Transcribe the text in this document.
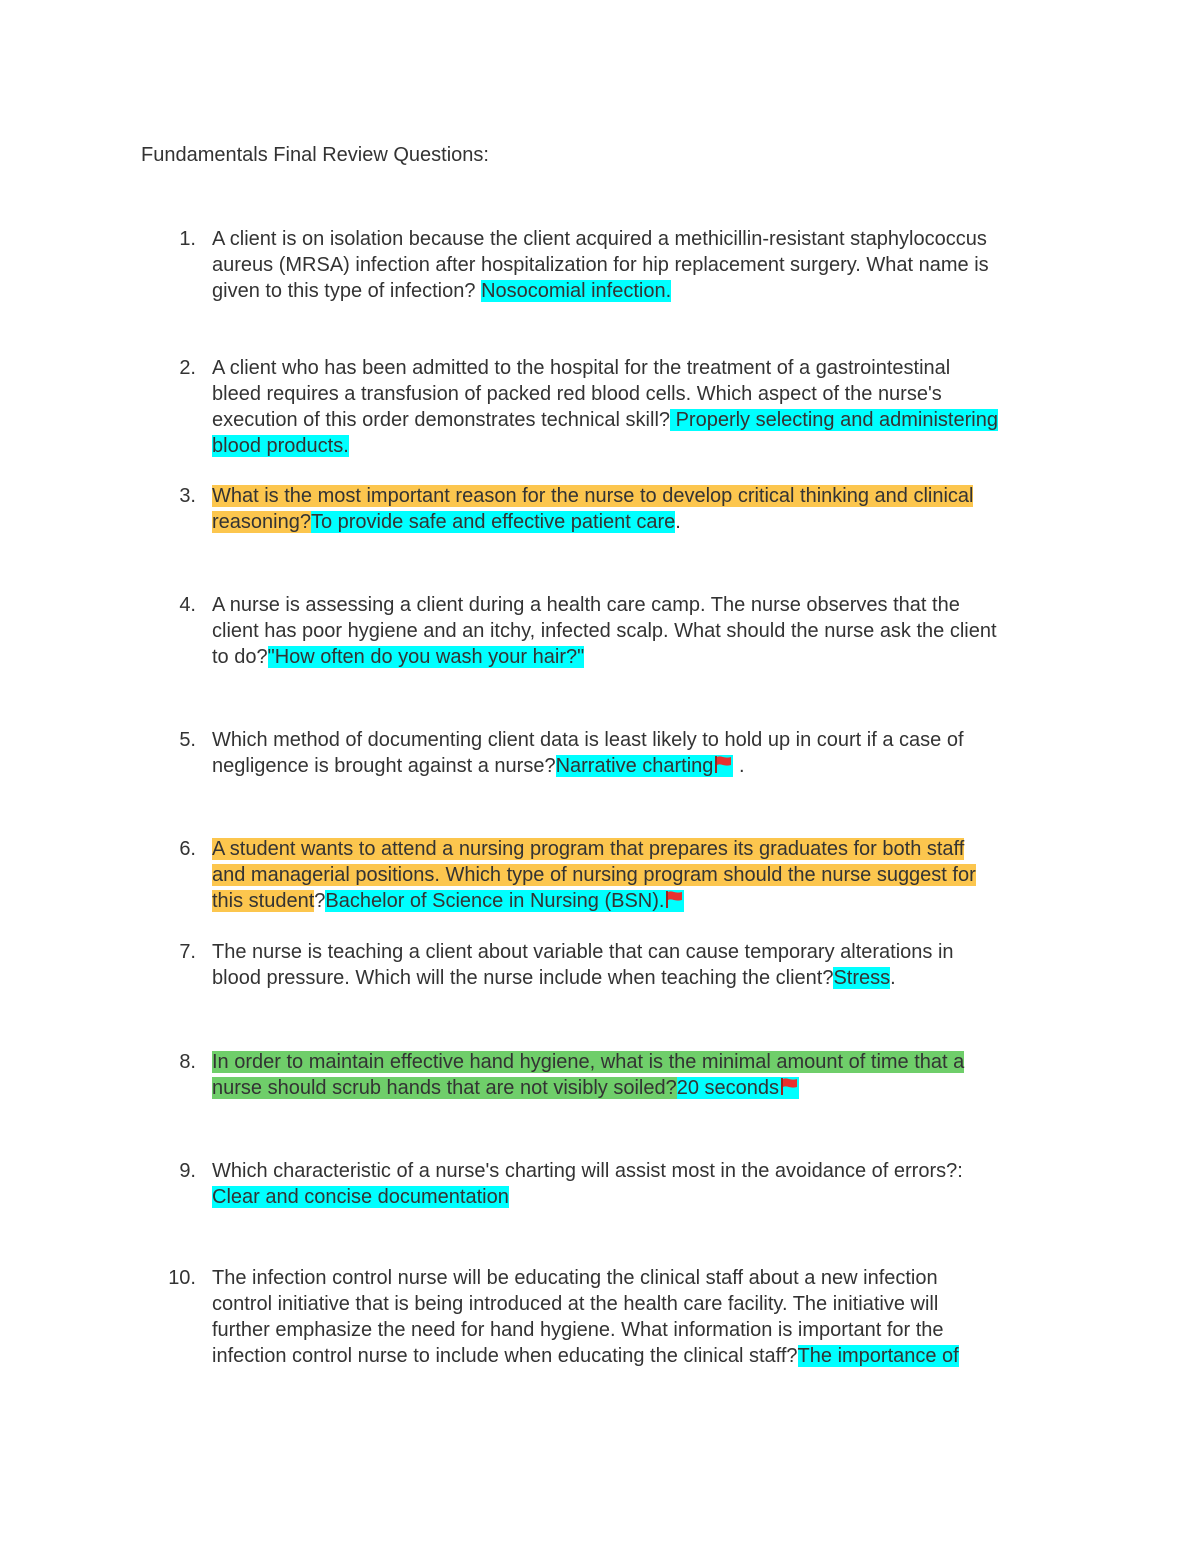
Fundamentals Final Review Questions:
1. A client is on isolation because the client acquired a methicillin-resistant staphylococcus
aureus (MRSA) infection after hospitalization for hip replacement surgery. What name is
given to this type of infection? Nosocomial infection.
2. A client who has been admitted to the hospital for the treatment of a gastrointestinal
bleed requires a transfusion of packed red blood cells. Which aspect of the nurse's
execution of this order demonstrates technical skill? Properly selecting and administering
blood products.
3. What is the most important reason for the nurse to develop critical thinking and clinical
reasoning?To provide safe and effective patient care.
4. A nurse is assessing a client during a health care camp. The nurse observes that the
client has poor hygiene and an itchy, infected scalp. What should the nurse ask the client
to do?"How often do you wash your hair?"
5. Which method of documenting client data is least likely to hold up in court if a case of
negligence is brought against a nurse?Narrative charting
.
6. A student wants to attend a nursing program that prepares its graduates for both staff
and managerial positions. Which type of nursing program should the nurse suggest for
this student?Bachelor of Science in Nursing (BSN).
7. The nurse is teaching a client about variable that can cause temporary alterations in
blood pressure. Which will the nurse include when teaching the client?Stress.
8. In order to maintain effective hand hygiene, what is the minimal amount of time that a
nurse should scrub hands that are not visibly soiled?20 seconds
9. Which characteristic of a nurse's charting will assist most in the avoidance of errors?:
Clear and concise documentation
10. The infection control nurse will be educating the clinical staff about a new infection
control initiative that is being introduced at the health care facility. The initiative will
further emphasize the need for hand hygiene. What information is important for the
infection control nurse to include when educating the clinical staff?The importance of
